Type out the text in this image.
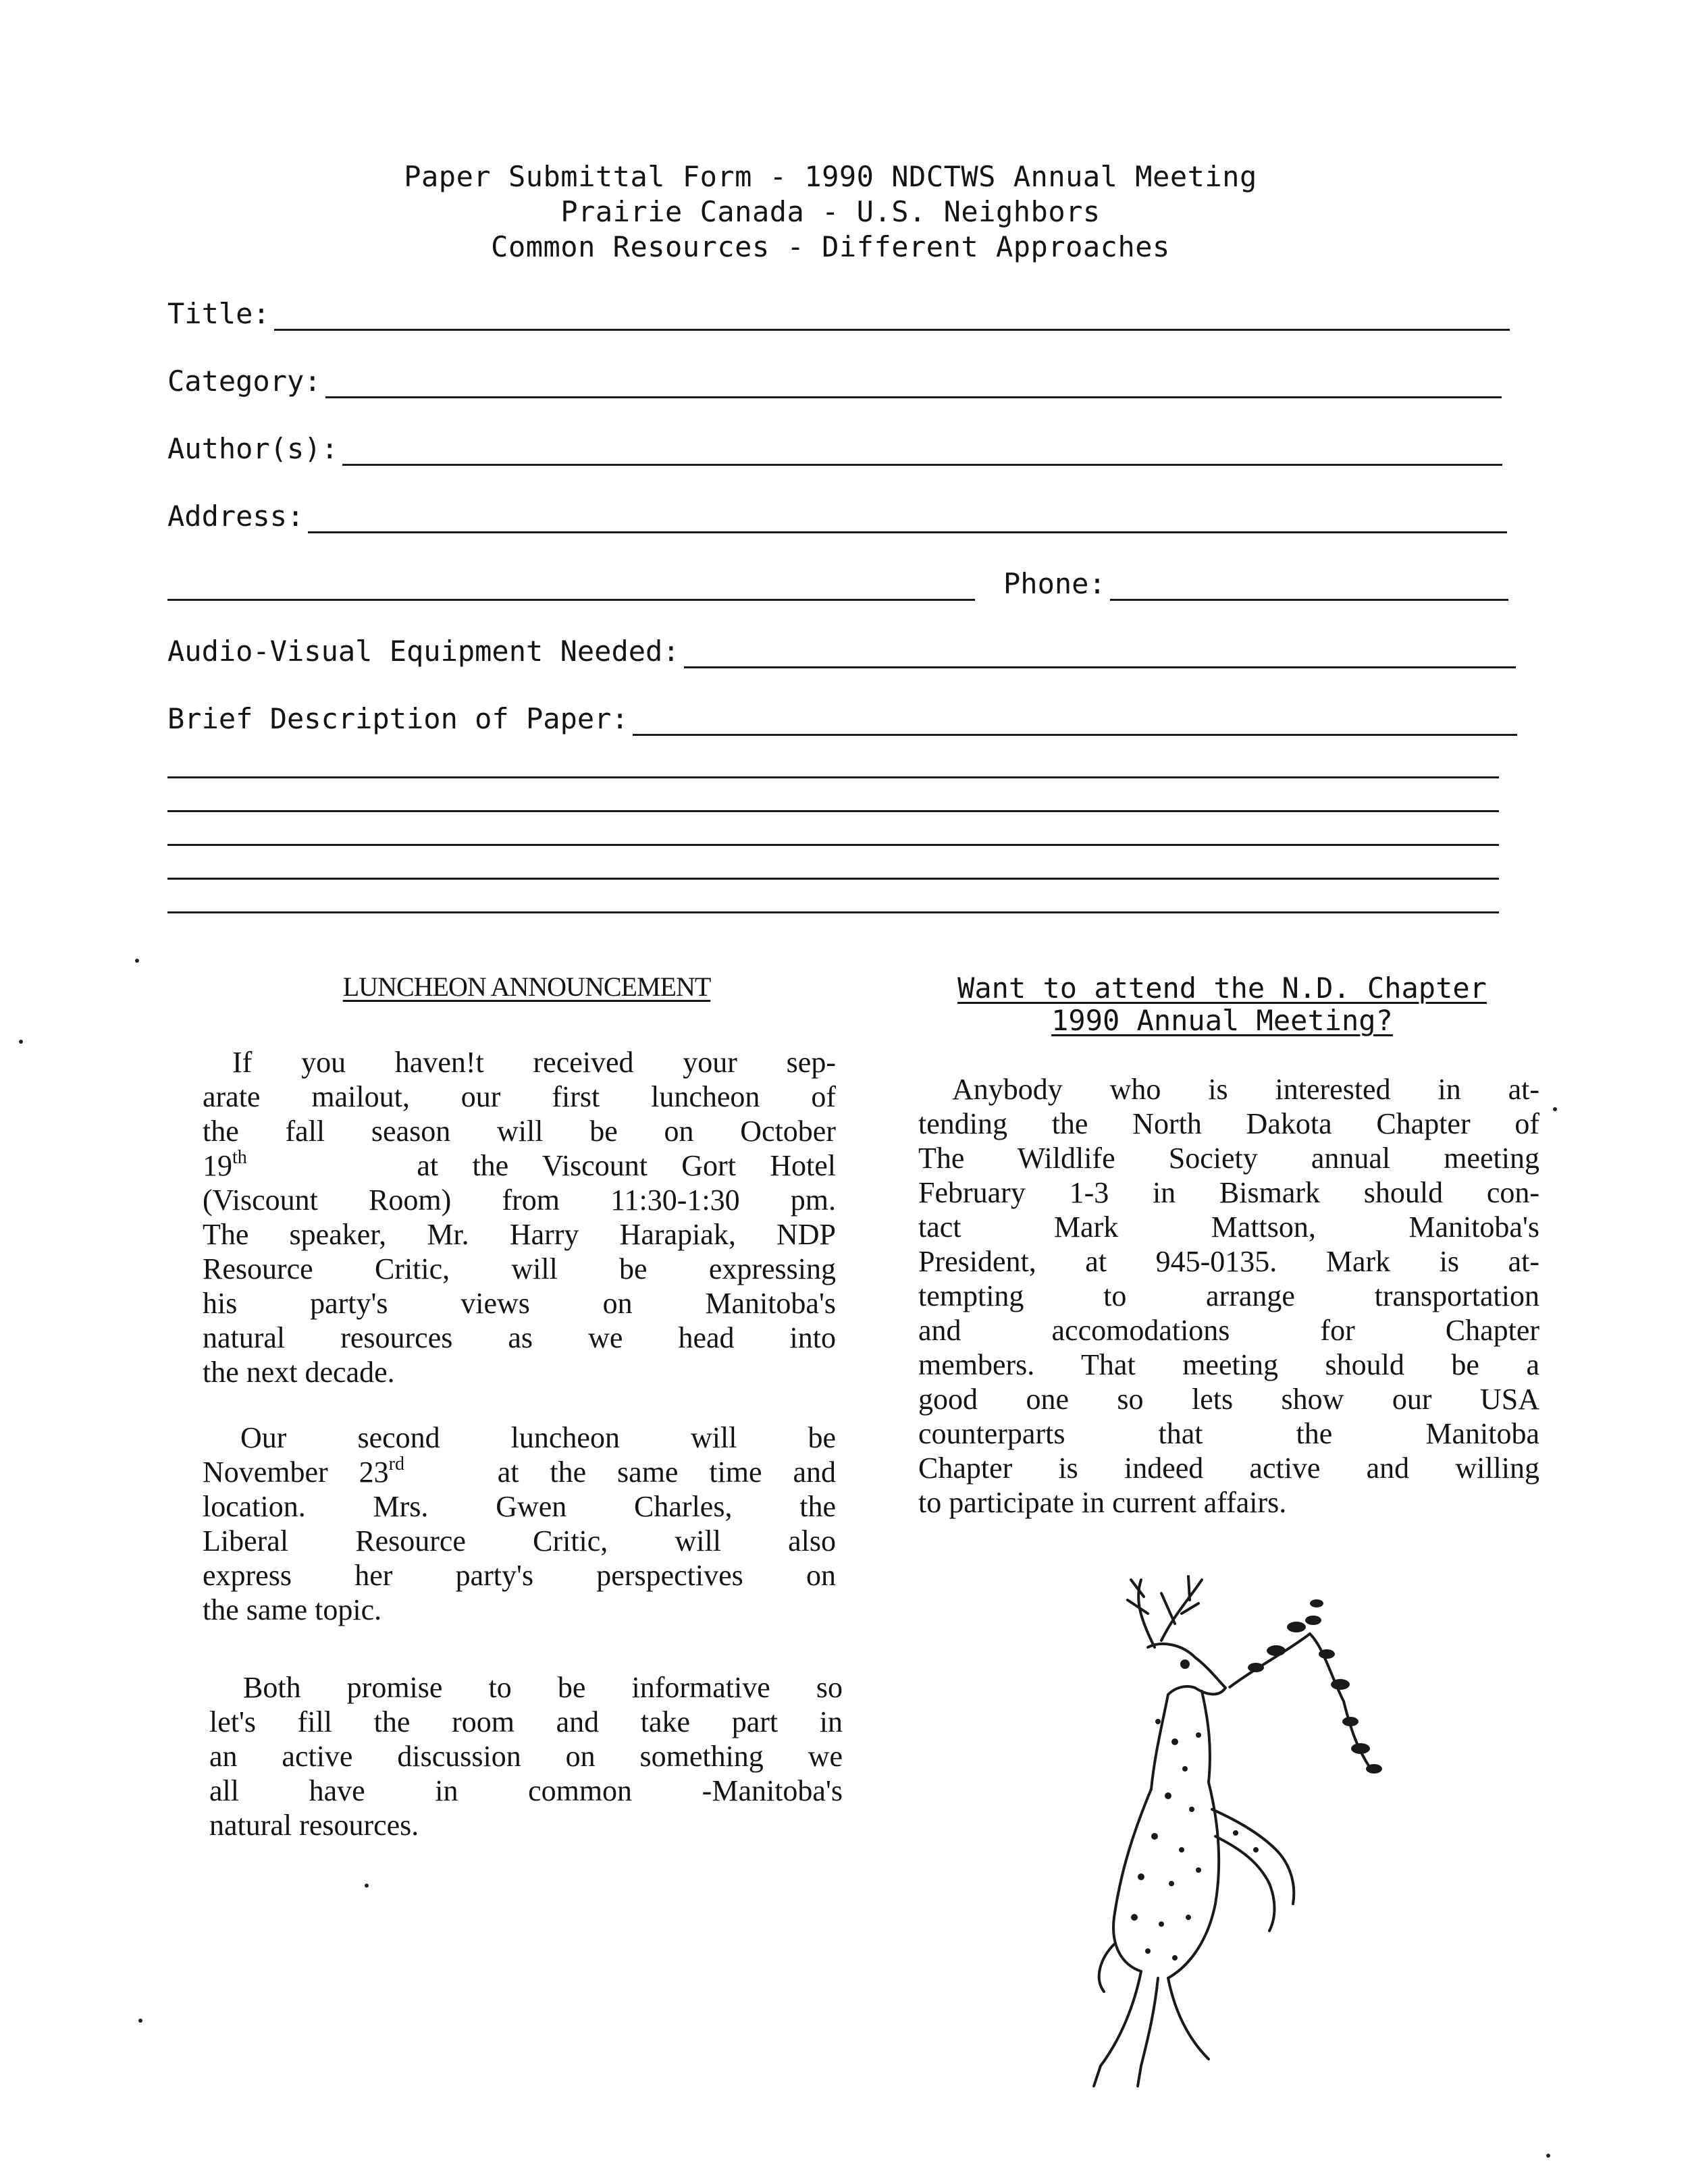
Paper Submittal Form - 1990 NDCTWS Annual Meeting
Prairie Canada - U.S. Neighbors
Common Resources - Different Approaches
Title:
Category:
Author(s):
Address:
Phone:
Audio-Visual Equipment Needed:
Brief Description of Paper:
LUNCHEON ANNOUNCEMENT
If you haven!t received your sep-
arate mailout, our first luncheon of
the fall season will be on October
19th	at the Viscount Gort Hotel
(Viscount Room) from 11:30-1:30 pm.
The speaker, Mr. Harry Harapiak, NDP
Resource Critic, will be expressing
his party's views on Manitoba's
natural resources as we head into
the next decade.
Our second luncheon will be
November 23rd	at the same time and
location. Mrs. Gwen Charles, the
Liberal Resource Critic, will also
express her party's perspectives on
the same topic.
Both promise to be informative so
let's fill the room and take part in
an active discussion on something we
all have in common -Manitoba's
natural resources.
Want to attend the N.D. Chapter
1990 Annual Meeting?
Anybody who is interested in at-
tending the North Dakota Chapter of
The Wildlife Society annual meeting
February 1-3 in Bismark should con-
tact Mark Mattson, Manitoba's
President, at 945-0135. Mark is at-
tempting to arrange transportation
and accomodations for Chapter
members. That meeting should be a
good one so lets show our USA
counterparts that the Manitoba
Chapter is indeed active and willing
to participate in current affairs.
